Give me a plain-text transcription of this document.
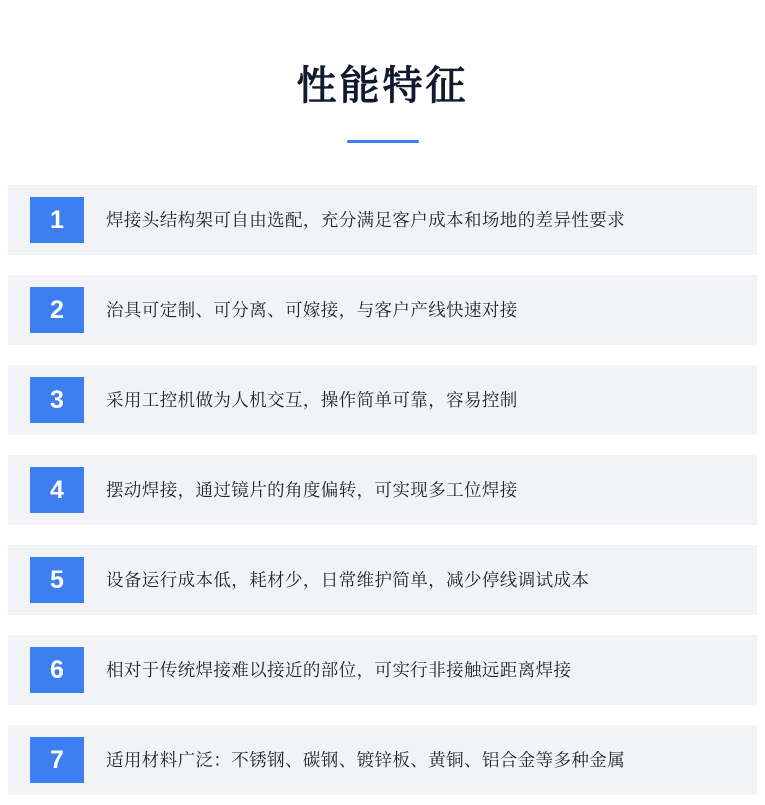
性能特征
1	焊接头结构架可自由选配，充分满足客户成本和场地的差异性要求
2	治具可定制、可分离、可嫁接，与客户产线快速对接
3	采用工控机做为人机交互，操作简单可靠，容易控制
4	摆动焊接，通过镜片的角度偏转，可实现多工位焊接
5	设备运行成本低，耗材少，日常维护简单，减少停线调试成本
6	相对于传统焊接难以接近的部位，可实行非接触远距离焊接
7	适用材料广泛：不锈钢、碳钢、镀锌板、黄铜、铝合金等多种金属
